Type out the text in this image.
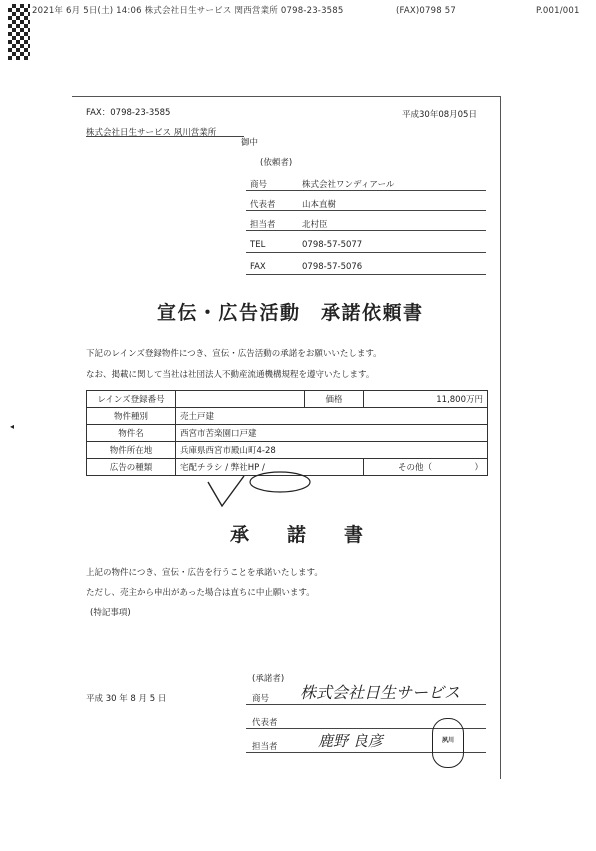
2021年 6月 5日(土) 14:06 株式会社日生サービス 関西営業所 0798-23-3585	(FAX)0798 57	P.001/001
FAX：0798-23-3585
株式会社日生サービス 夙川営業所
御中
平成30年08月05日
(依頼者)
商号	株式会社ワンディアール
代表者	山本直樹
担当者	北村臣
TEL	0798-57-5077
FAX	0798-57-5076
宣伝・広告活動　承諾依頼書
下記のレインズ登録物件につき、宣伝・広告活動の承諾をお願いいたします。
なお、掲載に関して当社は社団法人不動産流通機構規程を遵守いたします。
レインズ登録番号		価格	11,800万円
物件種別	売土戸建		
物件名	西宮市苦楽園口戸建		
物件所在地	兵庫県西宮市殿山町4-28		
広告の種類	宅配チラシ / 弊社HP /		その他（　　　　　）
承諾書
上記の物件につき、宣伝・広告を行うことを承諾いたします。
ただし、売主から申出があった場合は直ちに中止願います。
(特記事項)
(承諾者)
平成 30 年 8 月 5 日	商号 株式会社日生サービス
代表者
担当者	鹿野 良彦	夙川
◂
